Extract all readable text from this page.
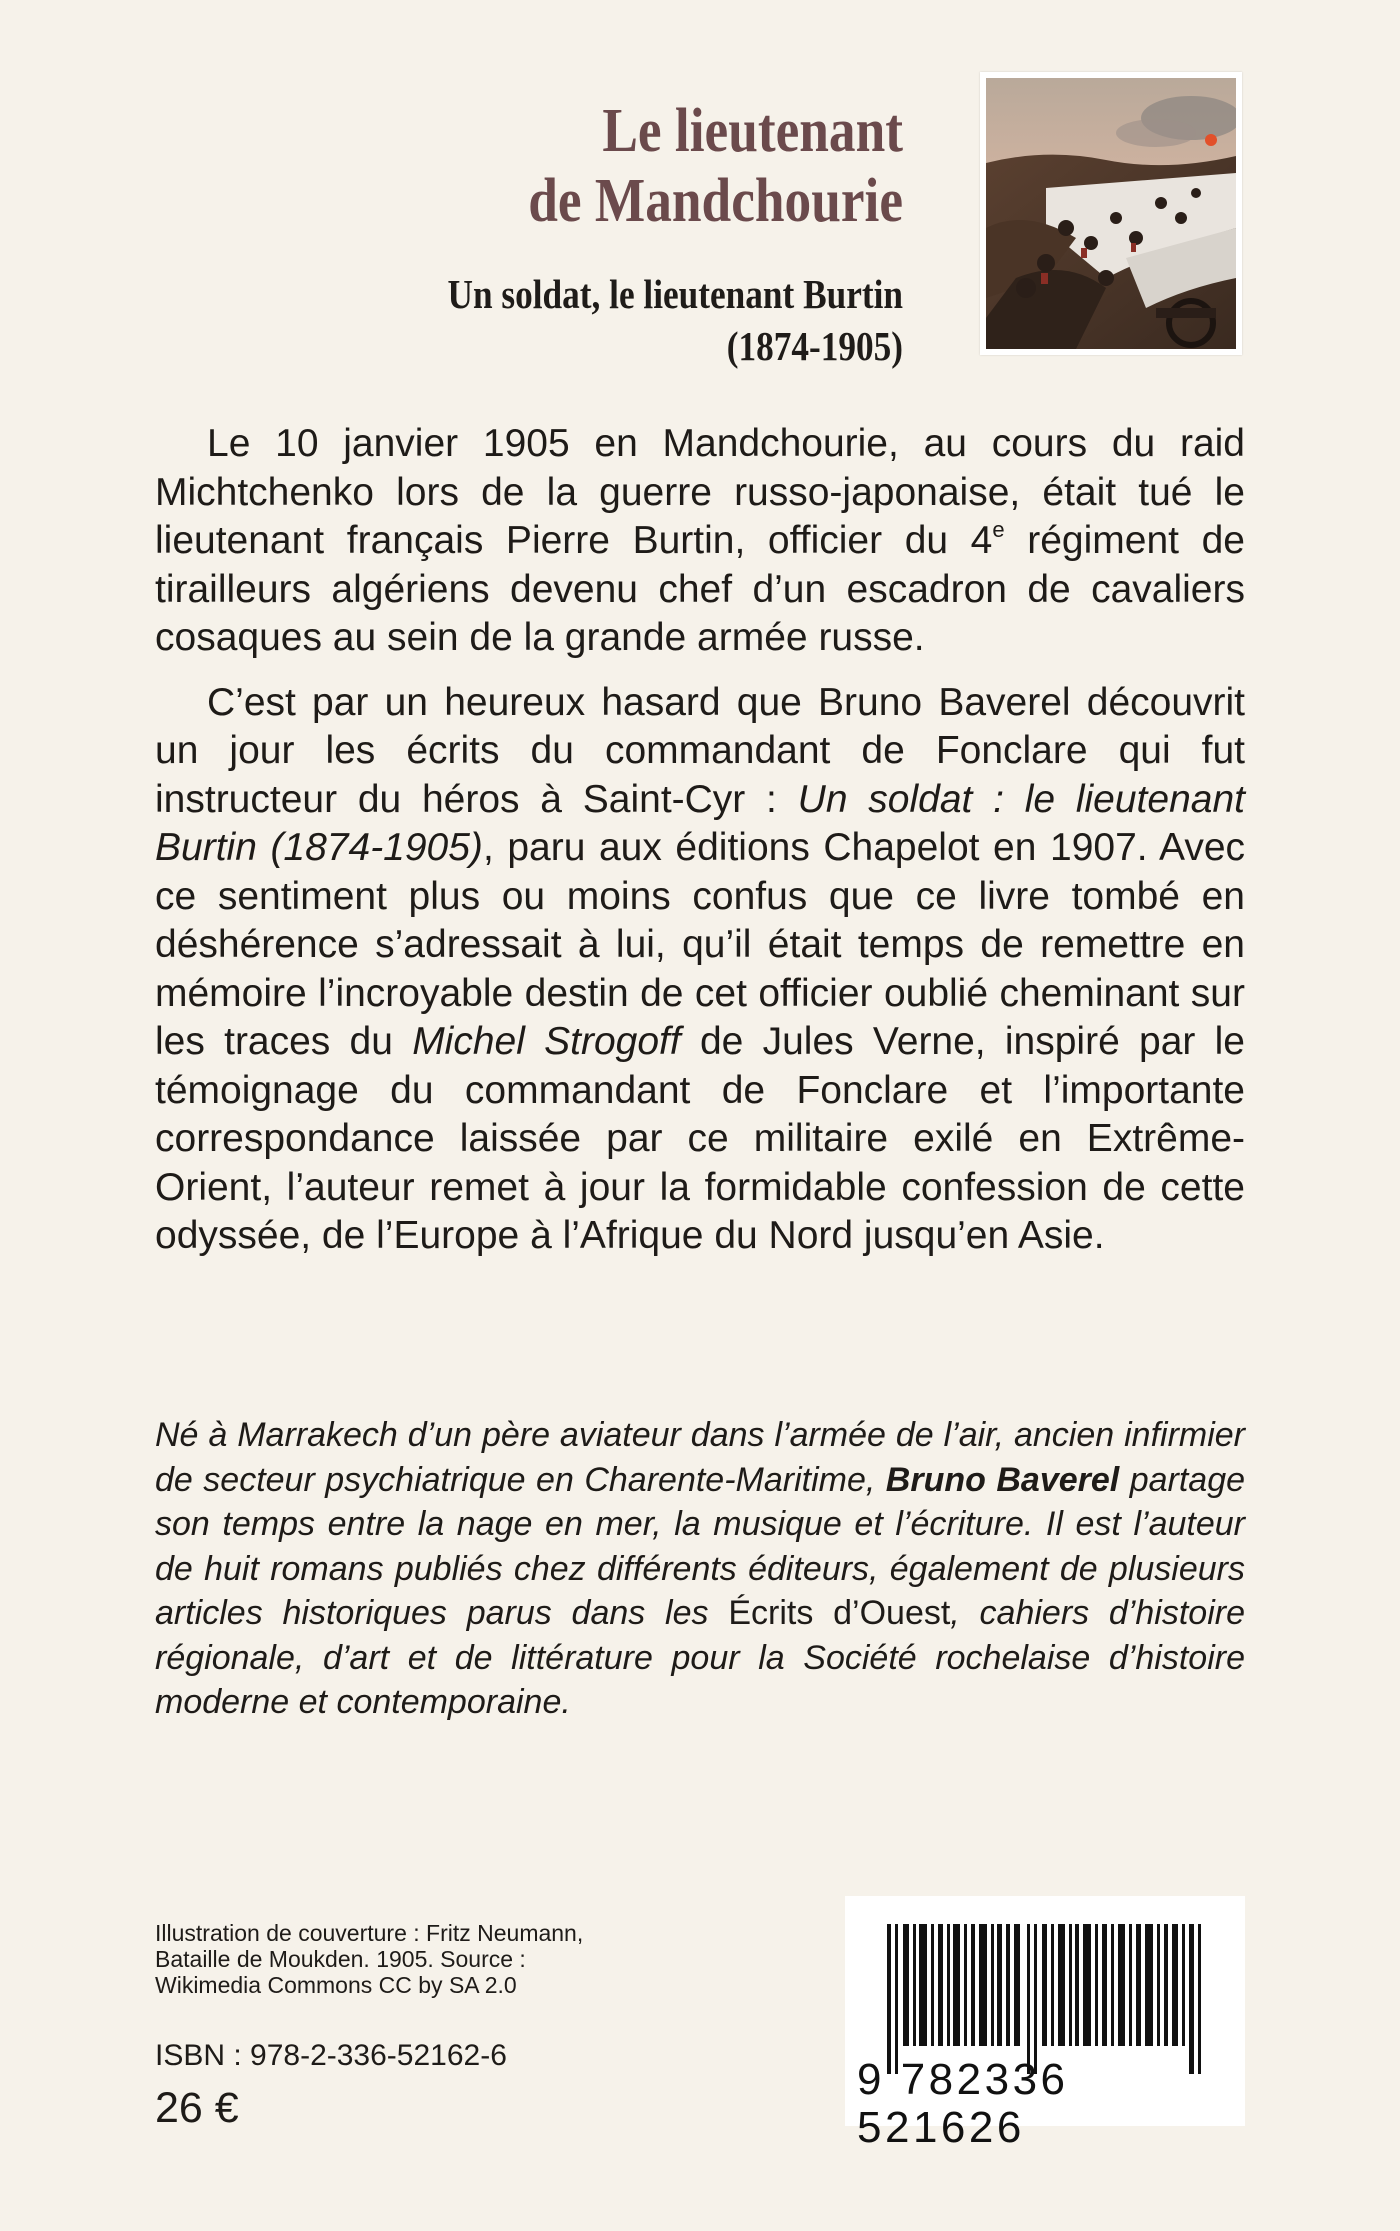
Le lieutenant
de Mandchourie
Un soldat, le lieutenant Burtin
(1874-1905)

Le 10 janvier 1905 en Mandchourie, au cours du raid Michtchenko lors de la guerre russo-japonaise, était tué le lieutenant français Pierre Burtin, officier du 4e régiment de tirailleurs algériens devenu chef d’un escadron de cavaliers cosaques au sein de la grande armée russe.

C’est par un heureux hasard que Bruno Baverel découvrit un jour les écrits du commandant de Fonclare qui fut instructeur du héros à Saint-Cyr : Un soldat : le lieutenant Burtin (1874-1905), paru aux éditions Chapelot en 1907. Avec ce sentiment plus ou moins confus que ce livre tombé en déshérence s’adressait à lui, qu’il était temps de remettre en mémoire l’incroyable destin de cet officier oublié cheminant sur les traces du Michel Strogoff de Jules Verne, inspiré par le témoignage du commandant de Fonclare et l’importante correspondance laissée par ce militaire exilé en Extrême-Orient, l’auteur remet à jour la formidable confession de cette odyssée, de l’Europe à l’Afrique du Nord jusqu’en Asie.

Né à Marrakech d’un père aviateur dans l’armée de l’air, ancien infirmier de secteur psychiatrique en Charente-Maritime, Bruno Baverel partage son temps entre la nage en mer, la musique et l’écriture. Il est l’auteur de huit romans publiés chez différents éditeurs, également de plusieurs articles historiques parus dans les Écrits d’Ouest, cahiers d’histoire régionale, d’art et de littérature pour la Société rochelaise d’histoire moderne et contemporaine.
Illustration de couverture : Fritz Neumann,
Bataille de Moukden. 1905. Source :
Wikimedia Commons CC by SA 2.0
ISBN : 978-2-336-52162-6
26 €
9 782336 521626
